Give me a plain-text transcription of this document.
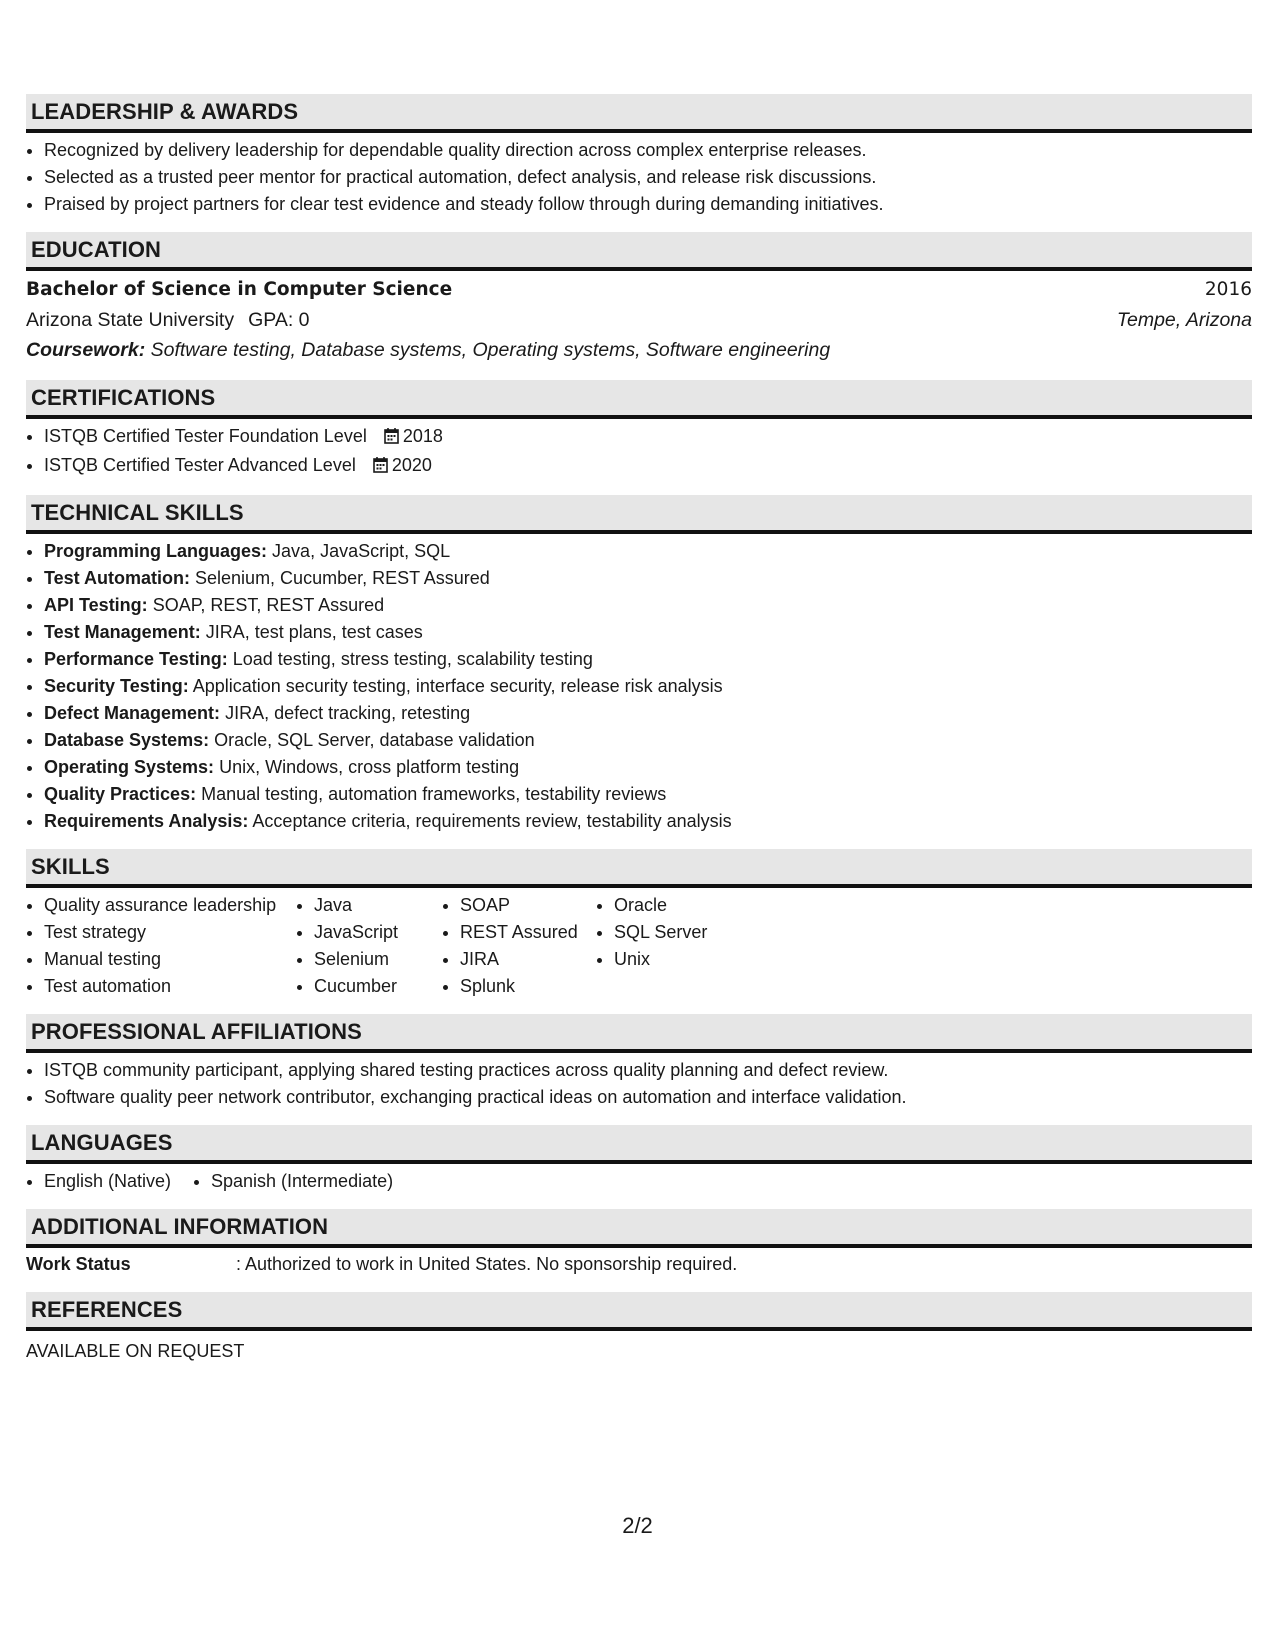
LEADERSHIP & AWARDS
• Recognized by delivery leadership for dependable quality direction across complex enterprise releases.
• Selected as a trusted peer mentor for practical automation, defect analysis, and release risk discussions.
• Praised by project partners for clear test evidence and steady follow through during demanding initiatives.
EDUCATION
Bachelor of Science in Computer Science	2016
Arizona State University GPA: 0	Tempe, Arizona
Coursework: Software testing, Database systems, Operating systems, Software engineering
CERTIFICATIONS
• ISTQB Certified Tester Foundation Level 2018
• ISTQB Certified Tester Advanced Level 2020
TECHNICAL SKILLS
• Programming Languages: Java, JavaScript, SQL
• Test Automation: Selenium, Cucumber, REST Assured
• API Testing: SOAP, REST, REST Assured
• Test Management: JIRA, test plans, test cases
• Performance Testing: Load testing, stress testing, scalability testing
• Security Testing: Application security testing, interface security, release risk analysis
• Defect Management: JIRA, defect tracking, retesting
• Database Systems: Oracle, SQL Server, database validation
• Operating Systems: Unix, Windows, cross platform testing
• Quality Practices: Manual testing, automation frameworks, testability reviews
• Requirements Analysis: Acceptance criteria, requirements review, testability analysis
SKILLS
• Quality assurance leadership
• Test strategy
• Manual testing
• Test automation
• Java
• JavaScript
• Selenium
• Cucumber
• SOAP
• REST Assured
• JIRA
• Splunk
• Oracle
• SQL Server
• Unix
PROFESSIONAL AFFILIATIONS
• ISTQB community participant, applying shared testing practices across quality planning and defect review.
• Software quality peer network contributor, exchanging practical ideas on automation and interface validation.
LANGUAGES
• English (Native)
•	Spanish (Intermediate)
ADDITIONAL INFORMATION
Work Status	: Authorized to work in United States. No sponsorship required.
REFERENCES
AVAILABLE ON REQUEST
2/2
